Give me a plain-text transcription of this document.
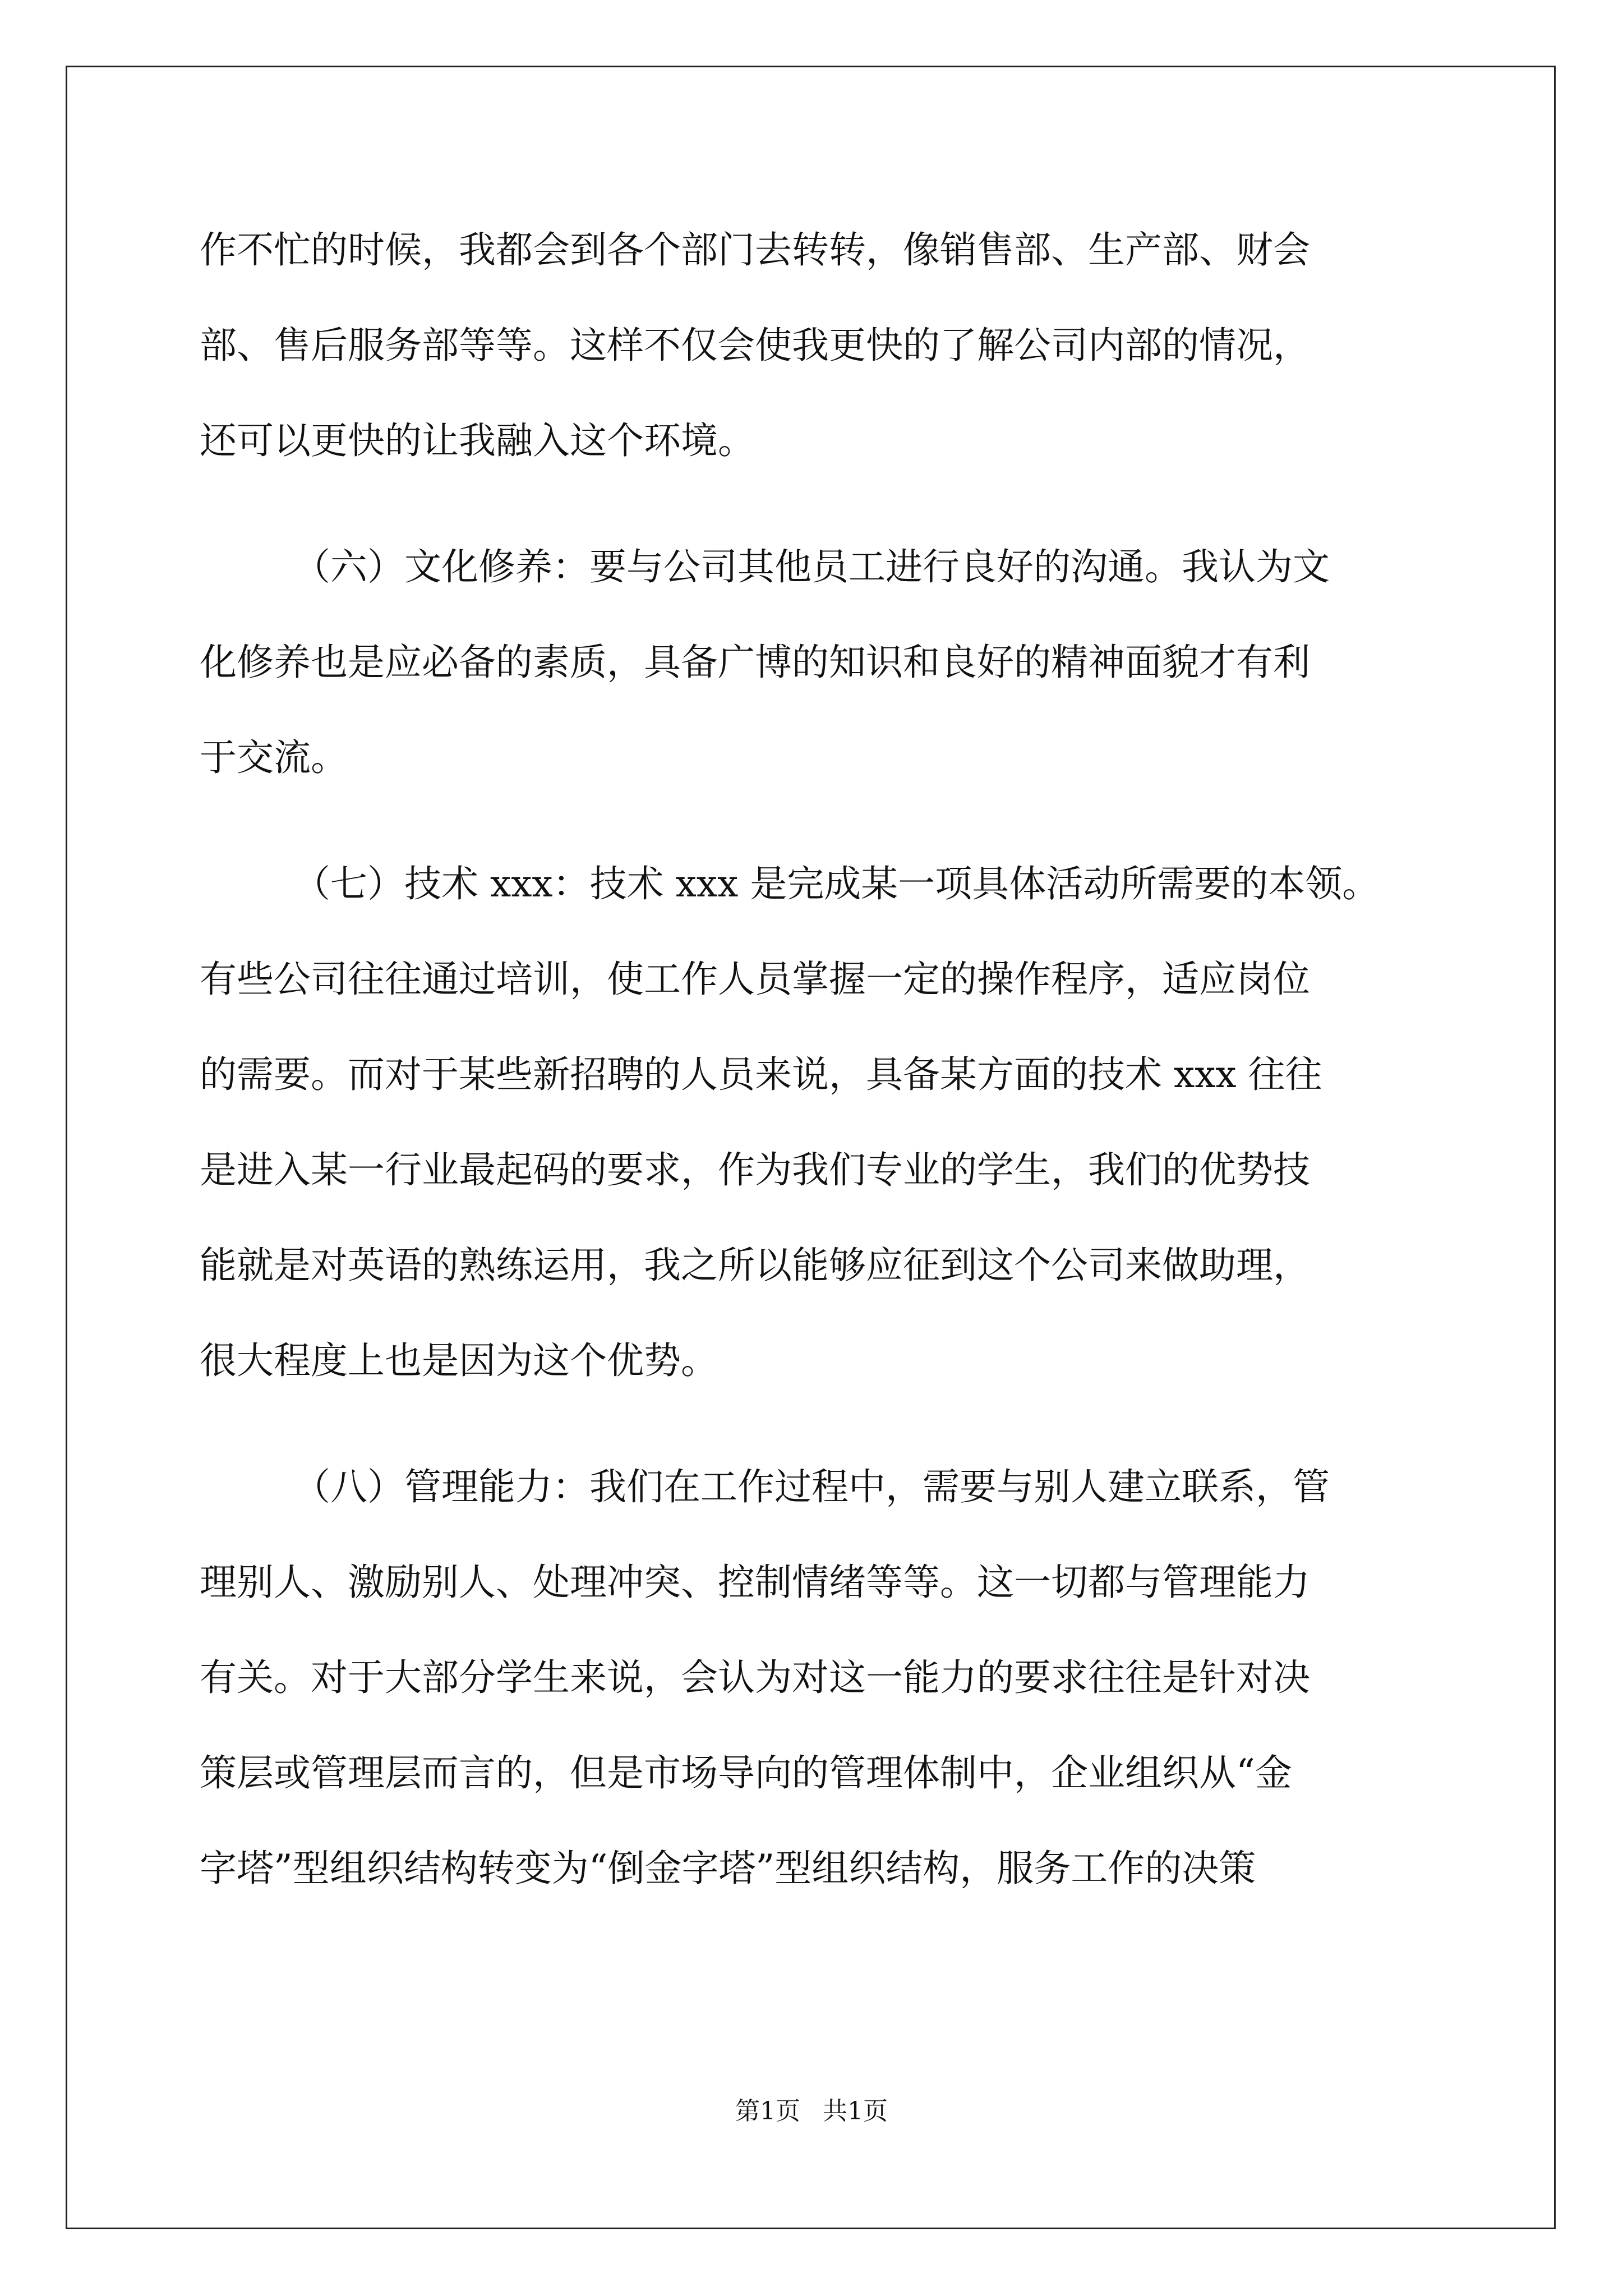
作不忙的时候，我都会到各个部门去转转，像销售部、生产部、财会
部、售后服务部等等。这样不仅会使我更快的了解公司内部的情况，
还可以更快的让我融入这个环境。
（六）文化修养：要与公司其他员工进行良好的沟通。我认为文
化修养也是应必备的素质，具备广博的知识和良好的精神面貌才有利
于交流。
（七）技术 xxx：技术 xxx 是完成某一项具体活动所需要的本领。
有些公司往往通过培训，使工作人员掌握一定的操作程序，适应岗位
的需要。而对于某些新招聘的人员来说，具备某方面的技术 xxx 往往
是进入某一行业最起码的要求，作为我们专业的学生，我们的优势技
能就是对英语的熟练运用，我之所以能够应征到这个公司来做助理，
很大程度上也是因为这个优势。
（八）管理能力：我们在工作过程中，需要与别人建立联系，管
理别人、激励别人、处理冲突、控制情绪等等。这一切都与管理能力
有关。对于大部分学生来说，会认为对这一能力的要求往往是针对决
策层或管理层而言的，但是市场导向的管理体制中，企业组织从“金
字塔”型组织结构转变为“倒金字塔”型组织结构，服务工作的决策
第1页 共1页
